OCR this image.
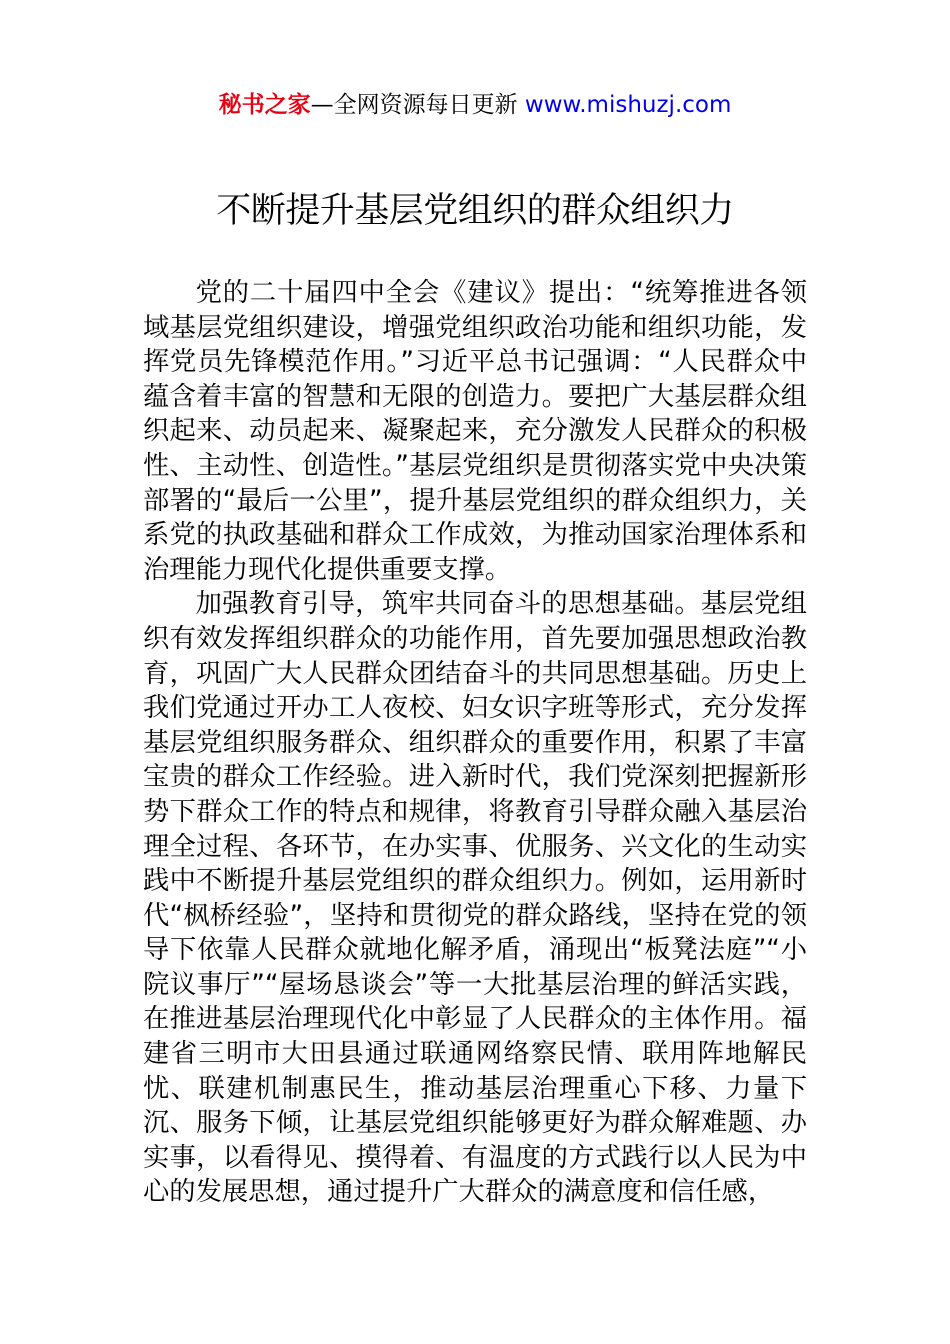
秘书之家—全网资源每日更新 www.mishuzj.com
不断提升基层党组织的群众组织力

党的二十届四中全会《建议》提出：“统筹推进各领域基层党组织建设，增强党组织政治功能和组织功能，发挥党员先锋模范作用。”习近平总书记强调：“人民群众中蕴含着丰富的智慧和无限的创造力。要把广大基层群众组织起来、动员起来、凝聚起来，充分激发人民群众的积极性、主动性、创造性。”基层党组织是贯彻落实党中央决策部署的“最后一公里”，提升基层党组织的群众组织力，关系党的执政基础和群众工作成效，为推动国家治理体系和治理能力现代化提供重要支撑。

加强教育引导，筑牢共同奋斗的思想基础。基层党组织有效发挥组织群众的功能作用，首先要加强思想政治教育，巩固广大人民群众团结奋斗的共同思想基础。历史上我们党通过开办工人夜校、妇女识字班等形式，充分发挥基层党组织服务群众、组织群众的重要作用，积累了丰富宝贵的群众工作经验。进入新时代，我们党深刻把握新形势下群众工作的特点和规律，将教育引导群众融入基层治理全过程、各环节，在办实事、优服务、兴文化的生动实践中不断提升基层党组织的群众组织力。例如，运用新时代“枫桥经验”，坚持和贯彻党的群众路线，坚持在党的领导下依靠人民群众就地化解矛盾，涌现出“板凳法庭”“小院议事厅”“屋场恳谈会”等一大批基层治理的鲜活实践，在推进基层治理现代化中彰显了人民群众的主体作用。福建省三明市大田县通过联通网络察民情、联用阵地解民忧、联建机制惠民生，推动基层治理重心下移、力量下沉、服务下倾，让基层党组织能够更好为群众解难题、办实事，以看得见、摸得着、有温度的方式践行以人民为中心的发展思想，通过提升广大群众的满意度和信任感，
